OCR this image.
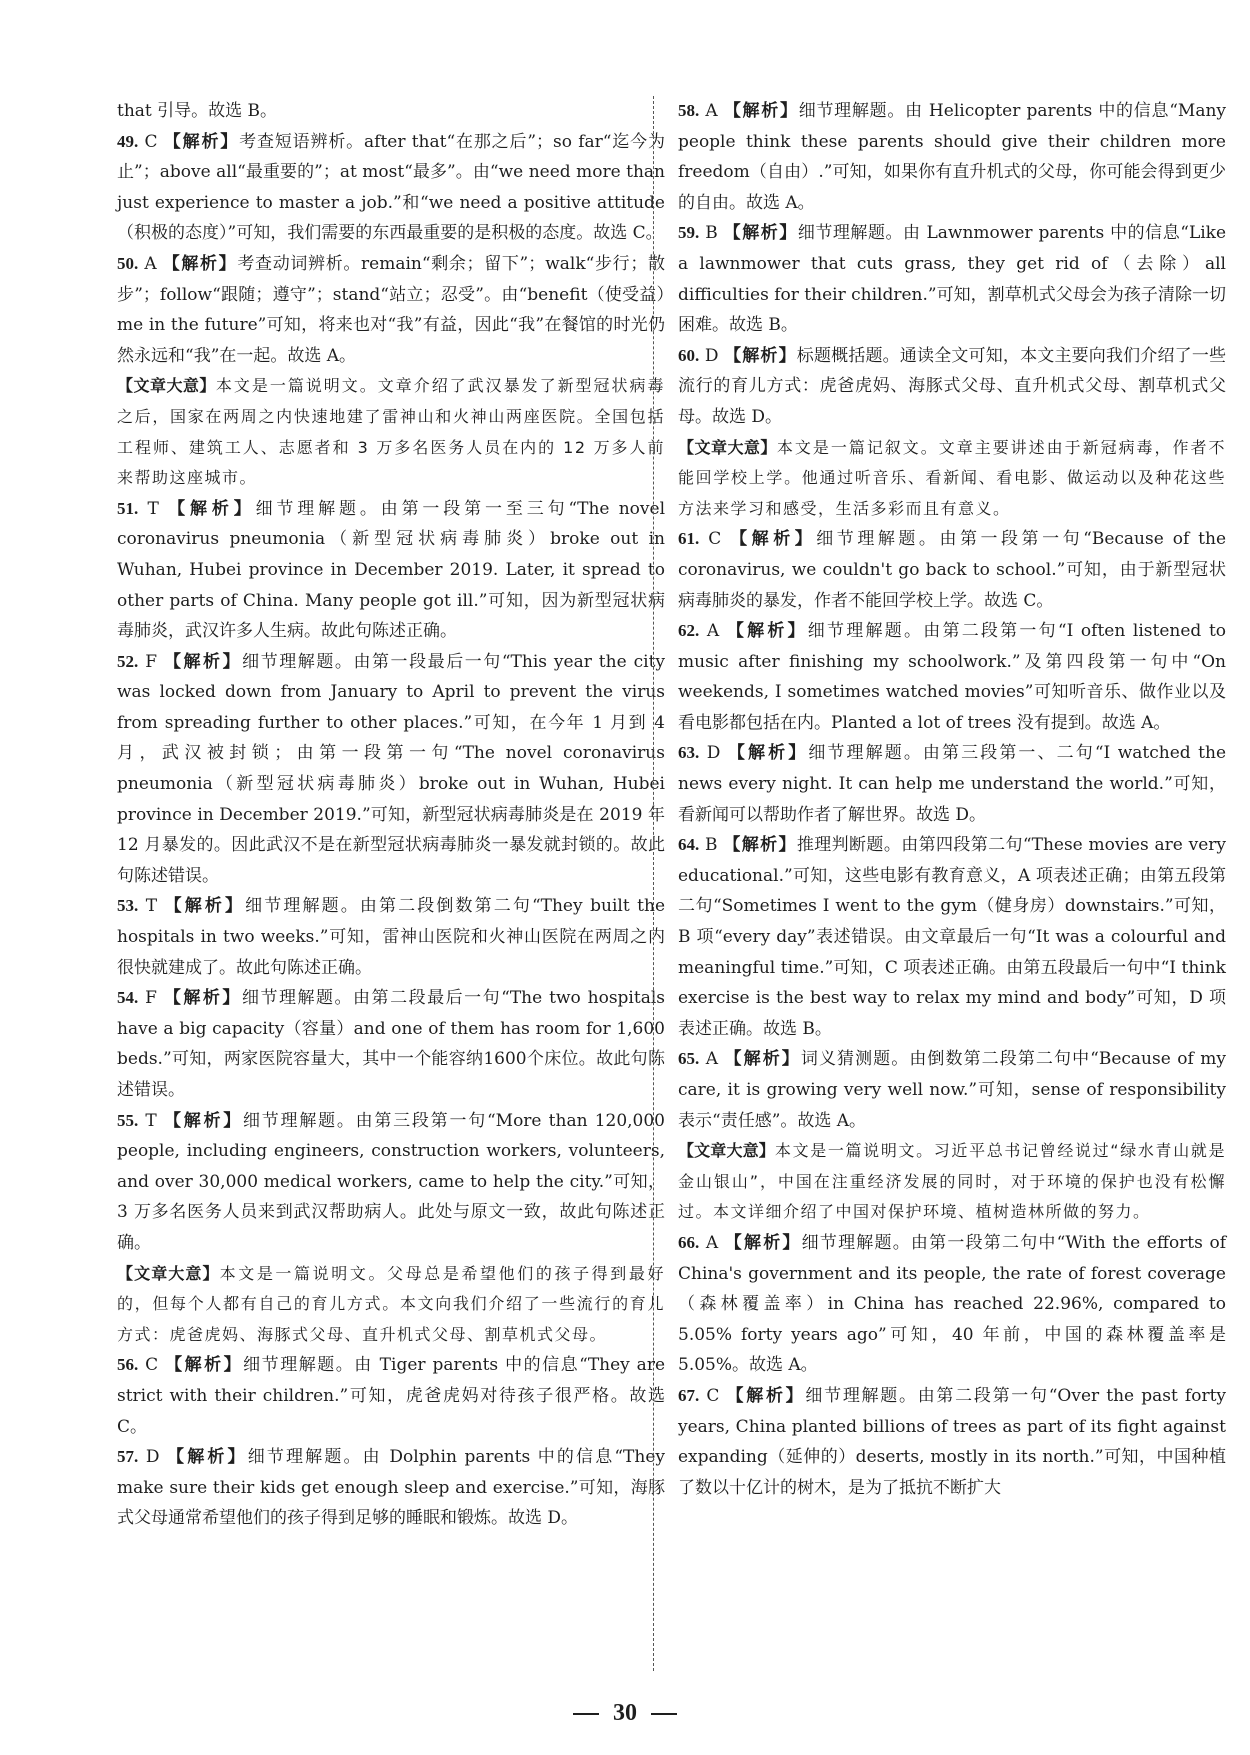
that 引导。故选 B。

49. C 【解析】考查短语辨析。after that“在那之后”；so far“迄今为止”；above all“最重要的”；at most“最多”。由“we need more than just experience to master a job.”和“we need a positive attitude（积极的态度）”可知，我们需要的东西最重要的是积极的态度。故选 C。

50. A 【解析】考查动词辨析。remain“剩余；留下”；walk“步行；散步”；follow“跟随；遵守”；stand“站立；忍受”。由“benefit（使受益）me in the future”可知，将来也对“我”有益，因此“我”在餐馆的时光仍然永远和“我”在一起。故选 A。

【文章大意】本文是一篇说明文。文章介绍了武汉暴发了新型冠状病毒之后，国家在两周之内快速地建了雷神山和火神山两座医院。全国包括工程师、建筑工人、志愿者和 3 万多名医务人员在内的 12 万多人前来帮助这座城市。

51. T 【解析】细节理解题。由第一段第一至三句“The novel coronavirus pneumonia（新型冠状病毒肺炎）broke out in Wuhan, Hubei province in December 2019. Later, it spread to other parts of China. Many people got ill.”可知，因为新型冠状病毒肺炎，武汉许多人生病。故此句陈述正确。

52. F 【解析】细节理解题。由第一段最后一句“This year the city was locked down from January to April to prevent the virus from spreading further to other places.”可知，在今年 1 月到 4 月，武汉被封锁；由第一段第一句“The novel coronavirus pneumonia（新型冠状病毒肺炎）broke out in Wuhan, Hubei province in December 2019.”可知，新型冠状病毒肺炎是在 2019 年 12 月暴发的。因此武汉不是在新型冠状病毒肺炎一暴发就封锁的。故此句陈述错误。

53. T 【解析】细节理解题。由第二段倒数第二句“They built the hospitals in two weeks.”可知，雷神山医院和火神山医院在两周之内很快就建成了。故此句陈述正确。

54. F 【解析】细节理解题。由第二段最后一句“The two hospitals have a big capacity（容量）and one of them has room for 1,600 beds.”可知，两家医院容量大，其中一个能容纳1600个床位。故此句陈述错误。

55. T 【解析】细节理解题。由第三段第一句“More than 120,000 people, including engineers, construction workers, volunteers, and over 30,000 medical workers, came to help the city.”可知，3 万多名医务人员来到武汉帮助病人。此处与原文一致，故此句陈述正确。

【文章大意】本文是一篇说明文。父母总是希望他们的孩子得到最好的，但每个人都有自己的育儿方式。本文向我们介绍了一些流行的育儿方式：虎爸虎妈、海豚式父母、直升机式父母、割草机式父母。

56. C 【解析】细节理解题。由 Tiger parents 中的信息“They are strict with their children.”可知，虎爸虎妈对待孩子很严格。故选 C。

57. D 【解析】细节理解题。由 Dolphin parents 中的信息“They make sure their kids get enough sleep and exercise.”可知，海豚式父母通常希望他们的孩子得到足够的睡眠和锻炼。故选 D。

58. A 【解析】细节理解题。由 Helicopter parents 中的信息“Many people think these parents should give their children more freedom（自由）.”可知，如果你有直升机式的父母，你可能会得到更少的自由。故选 A。

59. B 【解析】细节理解题。由 Lawnmower parents 中的信息“Like a lawnmower that cuts grass, they get rid of（去除）all difficulties for their children.”可知，割草机式父母会为孩子清除一切困难。故选 B。

60. D 【解析】标题概括题。通读全文可知，本文主要向我们介绍了一些流行的育儿方式：虎爸虎妈、海豚式父母、直升机式父母、割草机式父母。故选 D。

【文章大意】本文是一篇记叙文。文章主要讲述由于新冠病毒，作者不能回学校上学。他通过听音乐、看新闻、看电影、做运动以及种花这些方法来学习和感受，生活多彩而且有意义。

61. C 【解析】细节理解题。由第一段第一句“Because of the coronavirus, we couldn't go back to school.”可知，由于新型冠状病毒肺炎的暴发，作者不能回学校上学。故选 C。

62. A 【解析】细节理解题。由第二段第一句“I often listened to music after finishing my schoolwork.”及第四段第一句中“On weekends, I sometimes watched movies”可知听音乐、做作业以及看电影都包括在内。Planted a lot of trees 没有提到。故选 A。

63. D 【解析】细节理解题。由第三段第一、二句“I watched the news every night. It can help me understand the world.”可知，看新闻可以帮助作者了解世界。故选 D。

64. B 【解析】推理判断题。由第四段第二句“These movies are very educational.”可知，这些电影有教育意义，A 项表述正确；由第五段第二句“Sometimes I went to the gym（健身房）downstairs.”可知，B 项“every day”表述错误。由文章最后一句“It was a colourful and meaningful time.”可知，C 项表述正确。由第五段最后一句中“I think exercise is the best way to relax my mind and body”可知，D 项表述正确。故选 B。

65. A 【解析】词义猜测题。由倒数第二段第二句中“Because of my care, it is growing very well now.”可知，sense of responsibility 表示“责任感”。故选 A。

【文章大意】本文是一篇说明文。习近平总书记曾经说过“绿水青山就是金山银山”，中国在注重经济发展的同时，对于环境的保护也没有松懈过。本文详细介绍了中国对保护环境、植树造林所做的努力。

66. A 【解析】细节理解题。由第一段第二句中“With the efforts of China's government and its people, the rate of forest coverage（森林覆盖率）in China has reached 22.96%, compared to 5.05% forty years ago”可知，40 年前，中国的森林覆盖率是 5.05%。故选 A。

67. C 【解析】细节理解题。由第二段第一句“Over the past forty years, China planted billions of trees as part of its fight against expanding（延伸的）deserts, mostly in its north.”可知，中国种植了数以十亿计的树木，是为了抵抗不断扩大

30
